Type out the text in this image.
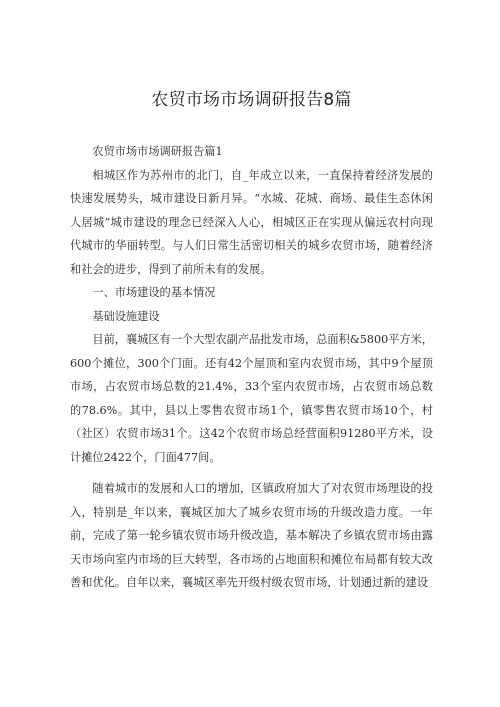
农贸市场市场调研报告8篇

农贸市场市场调研报告篇1

相城区作为苏州市的北门，自_年成立以来，一直保持着经济发展的快速发展势头，城市建设日新月异。“水城、花城、商场、最佳生态休闲人居城”城市建设的理念已经深入人心，相城区正在实现从偏远农村向现代城市的华丽转型。与人们日常生活密切相关的城乡农贸市场，随着经济和社会的进步，得到了前所未有的发展。

一、市场建设的基本情况

基础设施建设

目前，襄城区有一个大型农副产品批发市场，总面积&5800平方米，600个摊位，300个门面。还有42个屋顶和室内农贸市场，其中9个屋顶市场，占农贸市场总数的21.4%，33个室内农贸市场，占农贸市场总数的78.6%。其中，县以上零售农贸市场1个，镇零售农贸市场10个，村（社区）农贸市场31个。这42个农贸市场总经营面积91280平方米，设计摊位2422个，门面477间。

随着城市的发展和人口的增加，区镇政府加大了对农贸市场理设的投入，特别是_年以来，襄城区加大了城乡农贸市场的升级改造力度。一年前，完成了第一轮乡镇农贸市场升级改造，基本解决了乡镇农贸市场由露天市场向室内市场的巨大转型，各市场的占地面积和摊位布局都有较大改善和优化。自年以来，襄城区率先开级村级农贸市场，计划通过新的建设
